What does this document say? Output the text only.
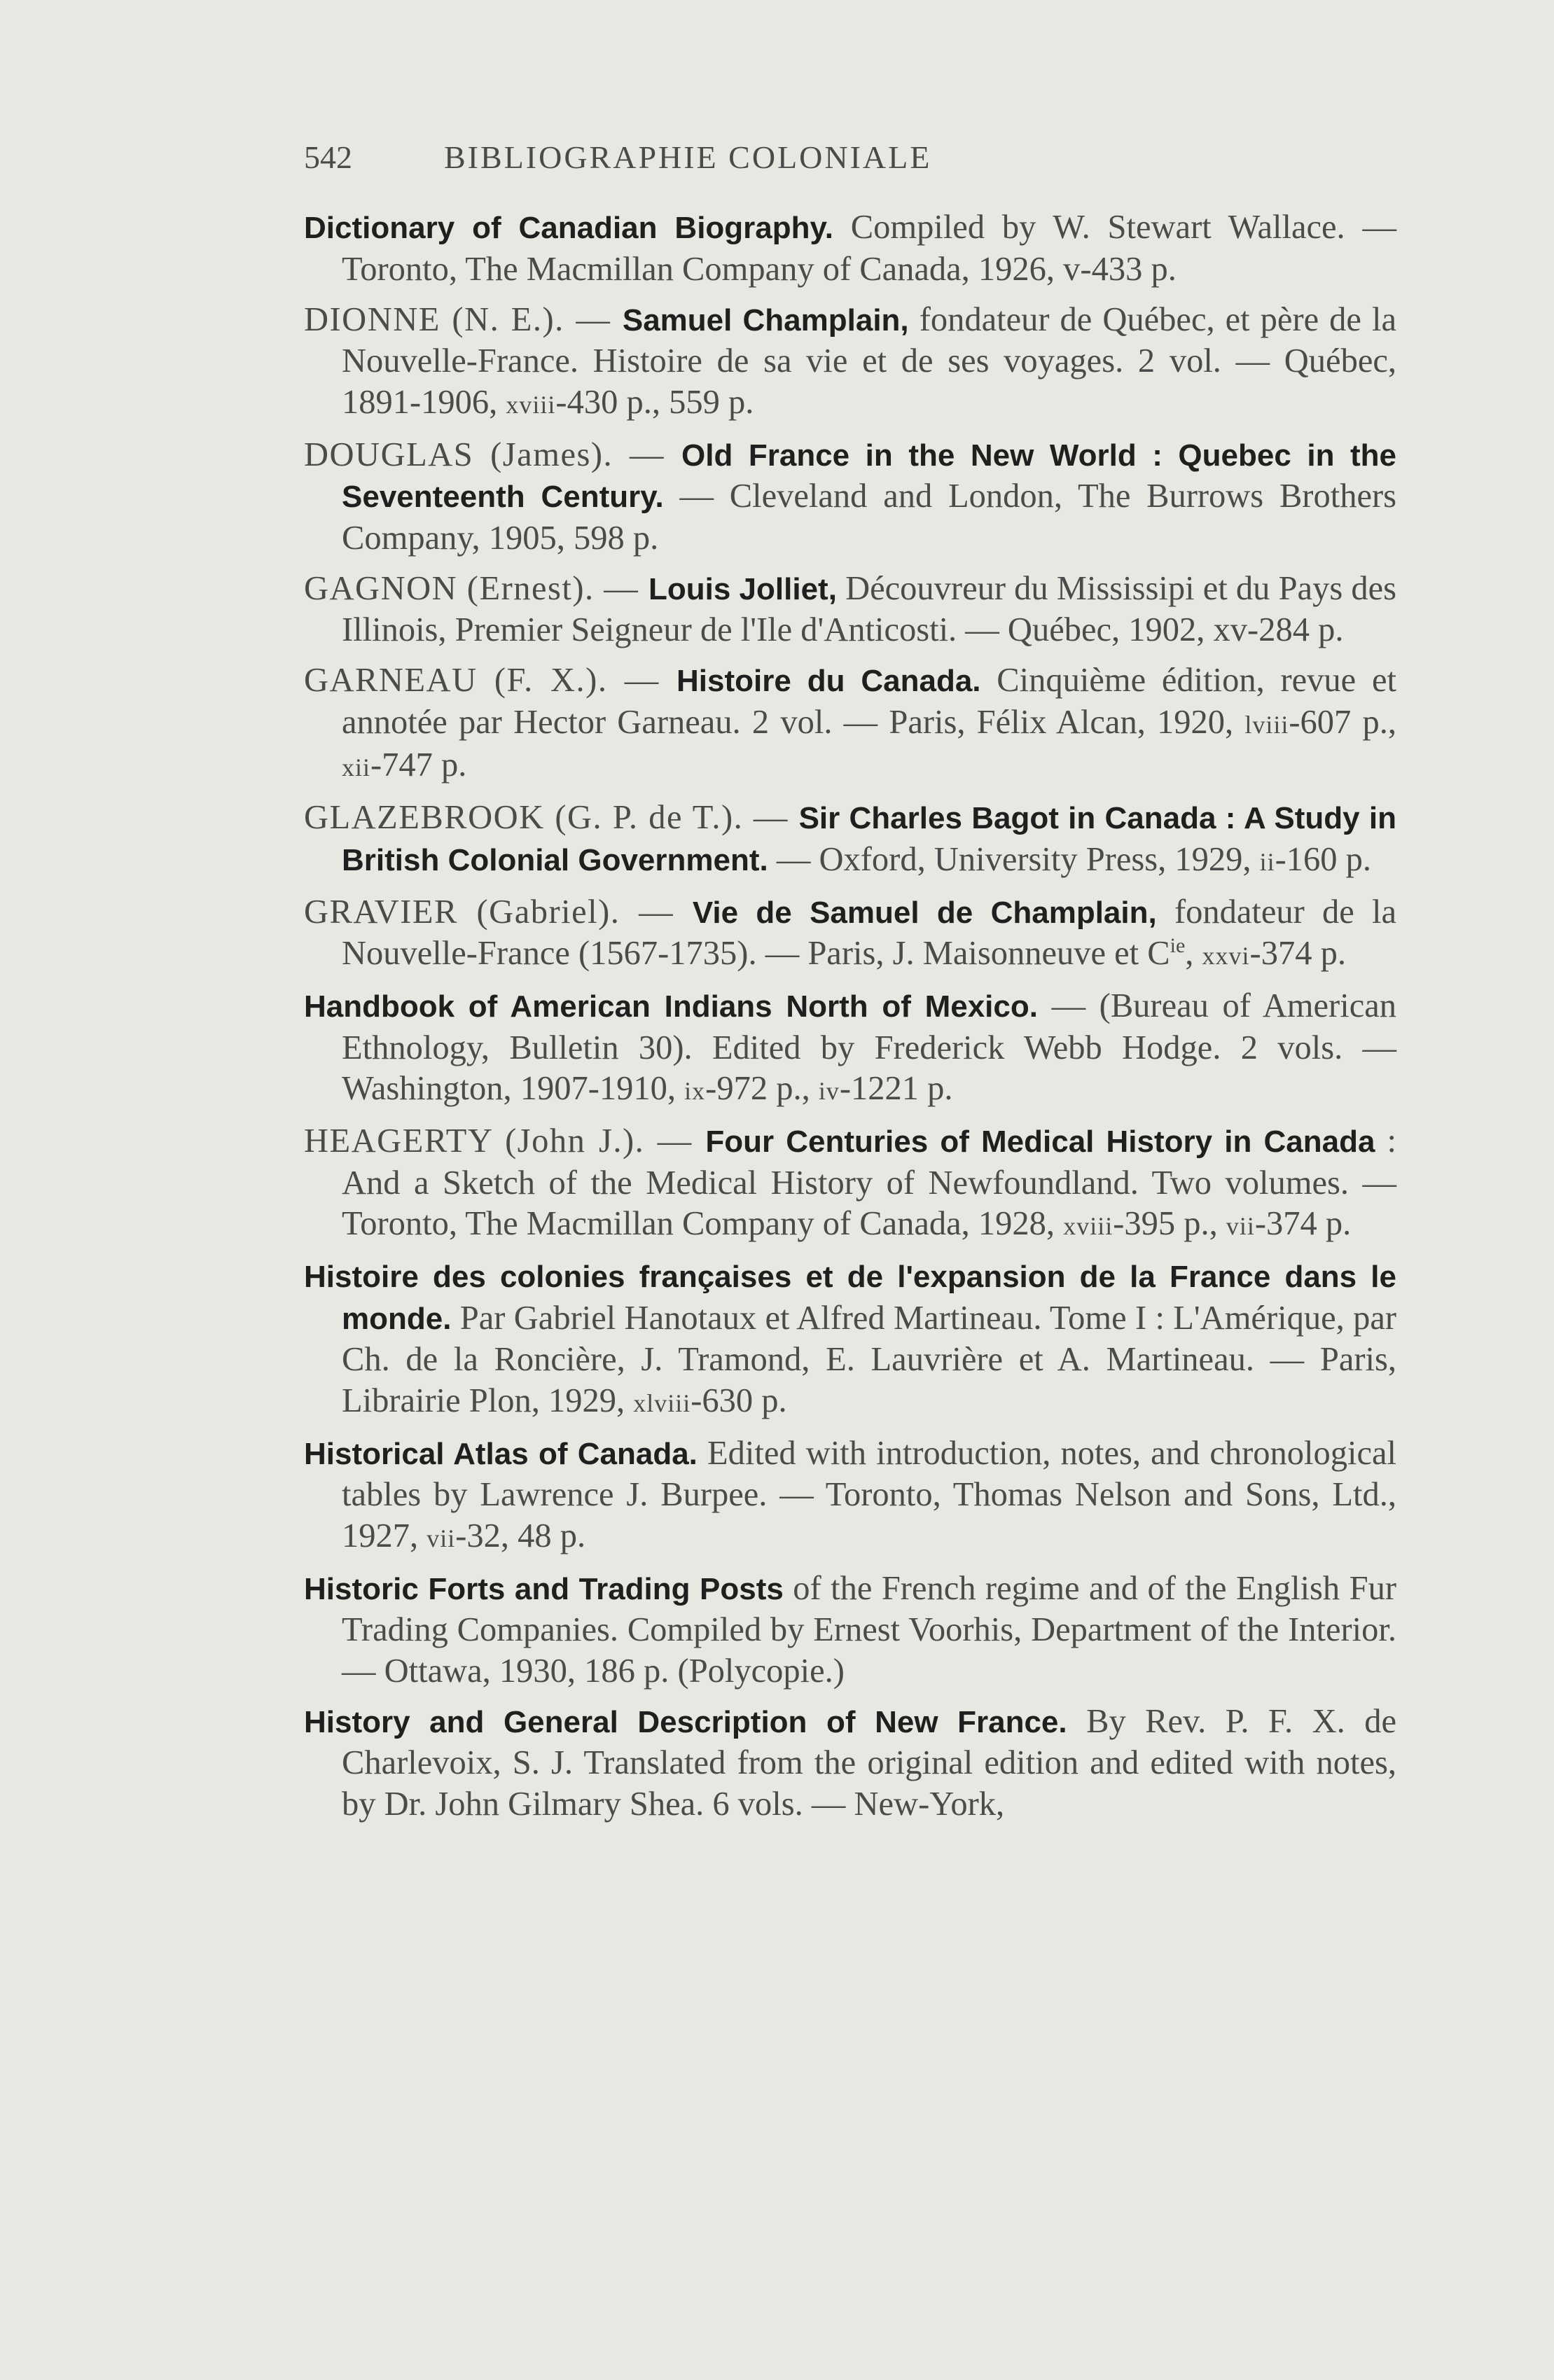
542	BIBLIOGRAPHIE COLONIALE

Dictionary of Canadian Biography. Compiled by W. Stewart Wallace. — Toronto, The Macmillan Company of Canada, 1926, v-433 p.

DIONNE (N. E.). — Samuel Champlain, fondateur de Québec, et père de la Nouvelle-France. Histoire de sa vie et de ses voyages. 2 vol. — Québec, 1891-1906, xviii-430 p., 559 p.

DOUGLAS (James). — Old France in the New World : Quebec in the Seventeenth Century. — Cleveland and London, The Burrows Brothers Company, 1905, 598 p.

GAGNON (Ernest). — Louis Jolliet, Découvreur du Mississipi et du Pays des Illinois, Premier Seigneur de l'Ile d'Anticosti. — Québec, 1902, xv-284 p.

GARNEAU (F. X.). — Histoire du Canada. Cinquième édition, revue et annotée par Hector Garneau. 2 vol. — Paris, Félix Alcan, 1920, lviii-607 p., xii-747 p.

GLAZEBROOK (G. P. de T.). — Sir Charles Bagot in Canada : A Study in British Colonial Government. — Oxford, University Press, 1929, ii-160 p.

GRAVIER (Gabriel). — Vie de Samuel de Champlain, fondateur de la Nouvelle-France (1567-1735). — Paris, J. Maisonneuve et $C^{ie}$, xxvi-374 p.

Handbook of American Indians North of Mexico. — (Bureau of American Ethnology, Bulletin 30). Edited by Frederick Webb Hodge. 2 vols. — Washington, 1907-1910, ix-972 p., iv-1221 p.

HEAGERTY (John J.). — Four Centuries of Medical History in Canada : And a Sketch of the Medical History of Newfoundland. Two volumes. — Toronto, The Macmillan Company of Canada, 1928, xviii-395 p., vii-374 p.

Histoire des colonies françaises et de l'expansion de la France dans le monde. Par Gabriel Hanotaux et Alfred Martineau. Tome I : L'Amérique, par Ch. de la Roncière, J. Tramond, E. Lauvrière et A. Martineau. — Paris, Librairie Plon, 1929, xlviii-630 p.

Historical Atlas of Canada. Edited with introduction, notes, and chronological tables by Lawrence J. Burpee. — Toronto, Thomas Nelson and Sons, Ltd., 1927, vii-32, 48 p.

Historic Forts and Trading Posts of the French regime and of the English Fur Trading Companies. Compiled by Ernest Voorhis, Department of the Interior. — Ottawa, 1930, 186 p. (Polycopie.)

History and General Description of New France. By Rev. P. F. X. de Charlevoix, S. J. Translated from the original edition and edited with notes, by Dr. John Gilmary Shea. 6 vols. — New-York,
